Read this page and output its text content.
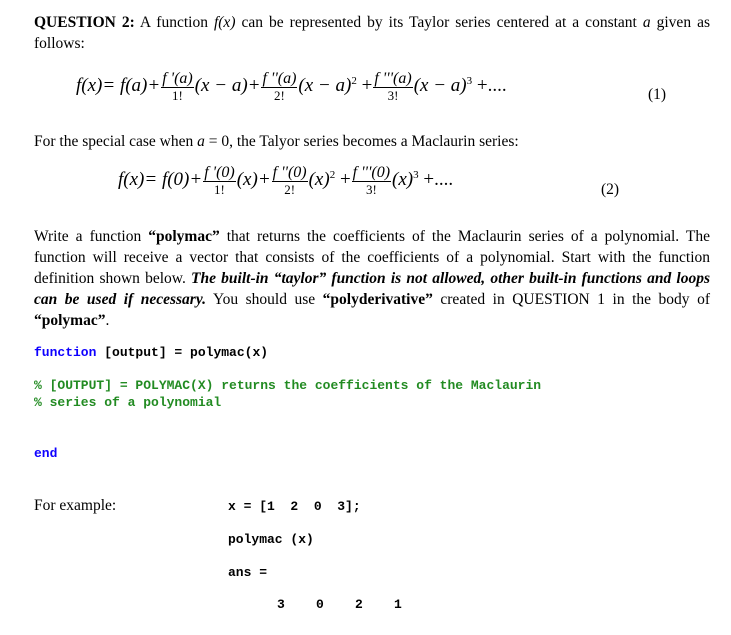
QUESTION 2: A function f(x) can be represented by its Taylor series centered at a constant a given as follows:
$f(x)= f(a)+ \frac{f '(a)}{1!} (x - a)+ \frac{f ''(a)}{2!} (x - a)^2 + \frac{f '''(a)}{3!} (x - a)^3$ +....	(1)
For the special case when a = 0, the Talyor series becomes a Maclaurin series:
$f(x)= f(0)+ \frac{f '(0)}{1!} (x)+ \frac{f ''(0)}{2!} (x)^2 + \frac{f '''(0)}{3!} (x)^3$ +....	(2)
Write a function “polymac” that returns the coefficients of the Maclaurin series of a polynomial. The function will receive a vector that consists of the coefficients of a polynomial. Start with the function definition shown below. The built-in “taylor” function is not allowed, other built-in functions and loops can be used if necessary. You should use “polyderivative” created in QUESTION 1 in the body of “polymac”.
function [output] = polymac(x)
% [OUTPUT] = POLYMAC(X) returns the coefficients of the Maclaurin
% series of a polynomial
end
For example:	x = [1  2  0  3];
polymac (x)
ans =
3    0    2    1
